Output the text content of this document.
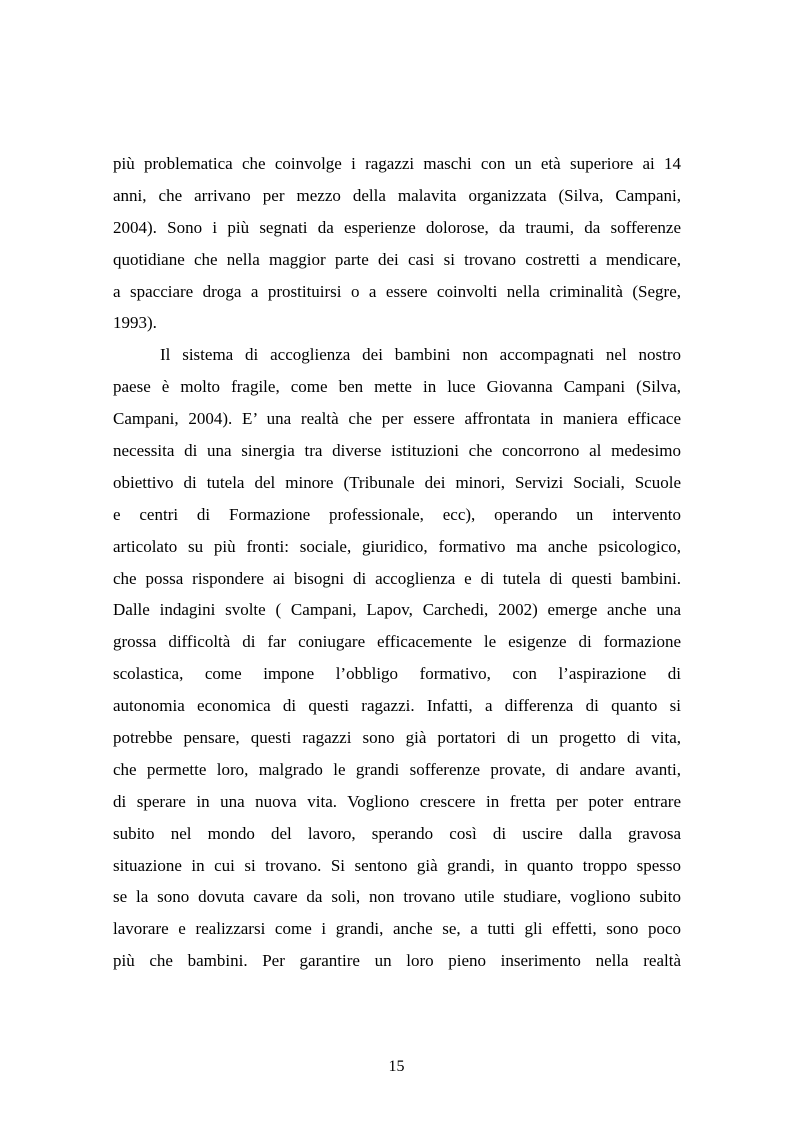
più problematica che coinvolge i ragazzi maschi con un età superiore ai 14
anni, che arrivano per mezzo della malavita organizzata (Silva, Campani,
2004). Sono i più segnati da esperienze dolorose, da traumi, da sofferenze
quotidiane che nella maggior parte dei casi si trovano costretti a mendicare,
a spacciare droga a prostituirsi o a essere coinvolti nella criminalità (Segre,
1993).
Il sistema di accoglienza dei bambini non accompagnati nel nostro
paese è molto fragile, come ben mette in luce Giovanna Campani (Silva,
Campani, 2004). E’ una realtà che per essere affrontata in maniera efficace
necessita di una sinergia tra diverse istituzioni che concorrono al medesimo
obiettivo di tutela del minore (Tribunale dei minori, Servizi Sociali, Scuole
e centri di Formazione professionale, ecc), operando un intervento
articolato su più fronti: sociale, giuridico, formativo ma anche psicologico,
che possa rispondere ai bisogni di accoglienza e di tutela di questi bambini.
Dalle indagini svolte ( Campani, Lapov, Carchedi, 2002) emerge anche una
grossa difficoltà di far coniugare efficacemente le esigenze di formazione
scolastica, come impone l’obbligo formativo, con l’aspirazione di
autonomia economica di questi ragazzi. Infatti, a differenza di quanto si
potrebbe pensare, questi ragazzi sono già portatori di un progetto di vita,
che permette loro, malgrado le grandi sofferenze provate, di andare avanti,
di sperare in una nuova vita. Vogliono crescere in fretta per poter entrare
subito nel mondo del lavoro, sperando così di uscire dalla gravosa
situazione in cui si trovano. Si sentono già grandi, in quanto troppo spesso
se la sono dovuta cavare da soli, non trovano utile studiare, vogliono subito
lavorare e realizzarsi come i grandi, anche se, a tutti gli effetti, sono poco
più che bambini. Per garantire un loro pieno inserimento nella realtà
15
